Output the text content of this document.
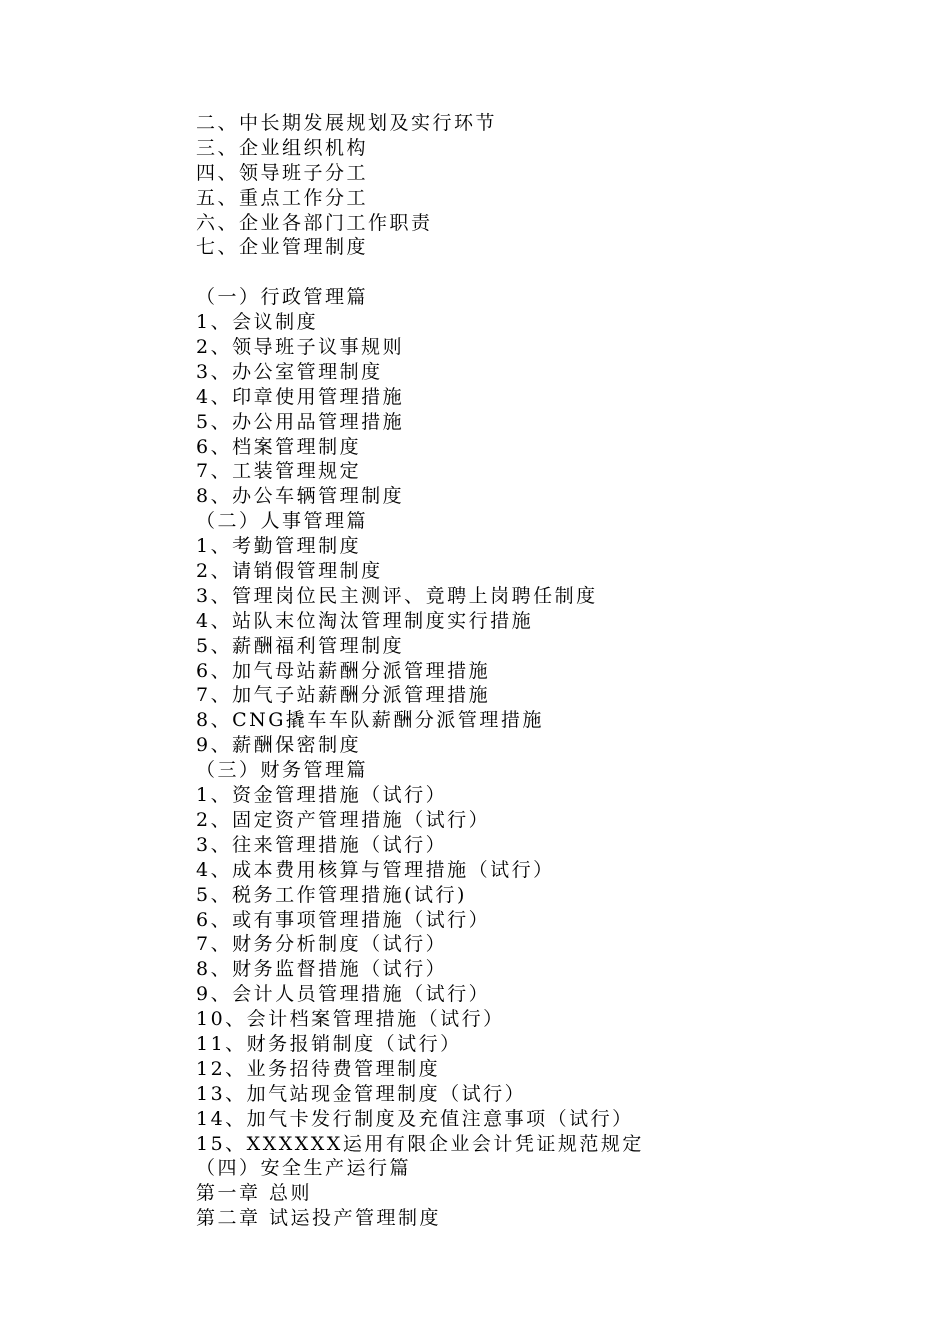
二、中长期发展规划及实行环节
三、企业组织机构
四、领导班子分工
五、重点工作分工
六、企业各部门工作职责
七、企业管理制度
（一）行政管理篇
1、会议制度
2、领导班子议事规则
3、办公室管理制度
4、印章使用管理措施
5、办公用品管理措施
6、档案管理制度
7、工装管理规定
8、办公车辆管理制度
（二）人事管理篇
1、考勤管理制度
2、请销假管理制度
3、管理岗位民主测评、竟聘上岗聘任制度
4、站队末位淘汰管理制度实行措施
5、薪酬福利管理制度
6、加气母站薪酬分派管理措施
7、加气子站薪酬分派管理措施
8、CNG撬车车队薪酬分派管理措施
9、薪酬保密制度
（三）财务管理篇
1、资金管理措施（试行）
2、固定资产管理措施（试行）
3、往来管理措施（试行）
4、成本费用核算与管理措施（试行）
5、税务工作管理措施(试行)
6、或有事项管理措施（试行）
7、财务分析制度（试行）
8、财务监督措施（试行）
9、会计人员管理措施（试行）
10、会计档案管理措施（试行）
11、财务报销制度（试行）
12、业务招待费管理制度
13、加气站现金管理制度（试行）
14、加气卡发行制度及充值注意事项（试行）
15、XXXXXX运用有限企业会计凭证规范规定
（四）安全生产运行篇
第一章 总则
第二章 试运投产管理制度
